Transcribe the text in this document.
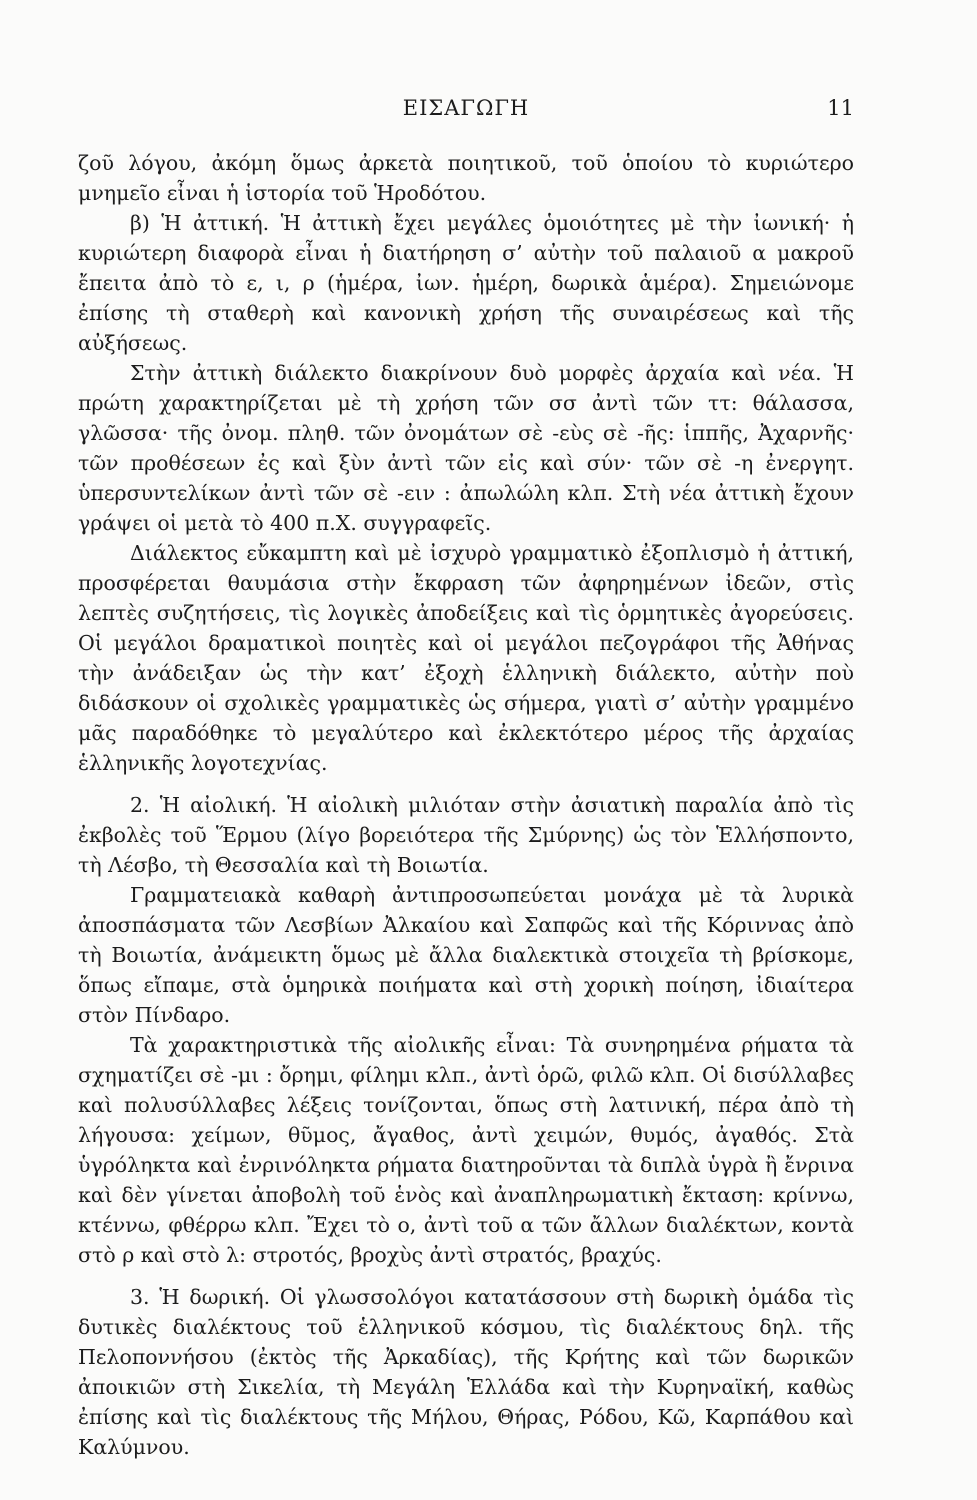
ΕΙΣΑΓΩΓΗ	11

ζοῦ λόγου, ἀκόμη ὅμως ἀρκετὰ ποιητικοῦ, τοῦ ὁποίου τὸ κυριώτερο μνημεῖο εἶναι ἡ ἱστορία τοῦ Ἡροδότου.

β) Ἡ ἀττική. Ἡ ἀττικὴ ἔχει μεγάλες ὁμοιότητες μὲ τὴν ἰωνική· ἡ κυριώτερη διαφορὰ εἶναι ἡ διατήρηση σ’ αὐτὴν τοῦ παλαιοῦ α μακροῦ ἔπειτα ἀπὸ τὸ ε, ι, ρ (ἡμέρα, ἰων. ἡμέρη, δωρικὰ ἁμέρα). Σημειώνομε ἐπίσης τὴ σταθερὴ καὶ κανονικὴ χρήση τῆς συναιρέσεως καὶ τῆς αὐξήσεως.

Στὴν ἀττικὴ διάλεκτο διακρίνουν δυὸ μορφὲς ἀρχαία καὶ νέα. Ἡ πρώτη χαρακτηρίζεται μὲ τὴ χρήση τῶν σσ ἀντὶ τῶν ττ: θάλασσα, γλῶσσα· τῆς ὀνομ. πληθ. τῶν ὀνομάτων σὲ -εὺς σὲ -ῆς: ἱππῆς, Ἀχαρνῆς· τῶν προθέσεων ἐς καὶ ξὺν ἀντὶ τῶν εἰς καὶ σύν· τῶν σὲ -η ἐνεργητ. ὑπερσυντελίκων ἀντὶ τῶν σὲ -ειν : ἀπωλώλη κλπ. Στὴ νέα ἀττικὴ ἔχουν γράψει οἱ μετὰ τὸ 400 π.Χ. συγγραφεῖς.

Διάλεκτος εὔκαμπτη καὶ μὲ ἰσχυρὸ γραμματικὸ ἐξοπλισμὸ ἡ ἀττική, προσφέρεται θαυμάσια στὴν ἔκφραση τῶν ἀφηρημένων ἰδεῶν, στὶς λεπτὲς συζητήσεις, τὶς λογικὲς ἀποδείξεις καὶ τὶς ὁρμητικὲς ἀγορεύσεις. Οἱ μεγάλοι δραματικοὶ ποιητὲς καὶ οἱ μεγάλοι πεζογράφοι τῆς Ἀθήνας τὴν ἀνάδειξαν ὡς τὴν κατ’ ἐξοχὴ ἑλληνικὴ διάλεκτο, αὐτὴν ποὺ διδάσκουν οἱ σχολικὲς γραμματικὲς ὡς σήμερα, γιατὶ σ’ αὐτὴν γραμμένο μᾶς παραδόθηκε τὸ μεγαλύτερο καὶ ἐκλεκτότερο μέρος τῆς ἀρχαίας ἑλληνικῆς λογοτεχνίας.

2. Ἡ αἰολική. Ἡ αἰολικὴ μιλιόταν στὴν ἀσιατικὴ παραλία ἀπὸ τὶς ἐκβολὲς τοῦ Ἕρμου (λίγο βορειότερα τῆς Σμύρνης) ὡς τὸν Ἑλλήσποντο, τὴ Λέσβο, τὴ Θεσσαλία καὶ τὴ Βοιωτία.

Γραμματειακὰ καθαρὴ ἀντιπροσωπεύεται μονάχα μὲ τὰ λυρικὰ ἀποσπάσματα τῶν Λεσβίων Ἀλκαίου καὶ Σαπφῶς καὶ τῆς Κόριννας ἀπὸ τὴ Βοιωτία, ἀνάμεικτη ὅμως μὲ ἄλλα διαλεκτικὰ στοιχεῖα τὴ βρίσκομε, ὅπως εἴπαμε, στὰ ὁμηρικὰ ποιήματα καὶ στὴ χορικὴ ποίηση, ἰδιαίτερα στὸν Πίνδαρο.

Τὰ χαρακτηριστικὰ τῆς αἰολικῆς εἶναι: Τὰ συνηρημένα ρήματα τὰ σχηματίζει σὲ -μι : ὄρημι, φίλημι κλπ., ἀντὶ ὁρῶ, φιλῶ κλπ. Οἱ δισύλλαβες καὶ πολυσύλλαβες λέξεις τονίζονται, ὅπως στὴ λατινική, πέρα ἀπὸ τὴ λήγουσα: χείμων, θῦμος, ἄγαθος, ἀντὶ χειμών, θυμός, ἀγαθός. Στὰ ὑγρόληκτα καὶ ἐνρινόληκτα ρήματα διατηροῦνται τὰ διπλὰ ὑγρὰ ἢ ἔνρινα καὶ δὲν γίνεται ἀποβολὴ τοῦ ἑνὸς καὶ ἀναπληρωματικὴ ἔκταση: κρίννω, κτέννω, φθέρρω κλπ. Ἔχει τὸ ο, ἀντὶ τοῦ α τῶν ἄλλων διαλέκτων, κοντὰ στὸ ρ καὶ στὸ λ: στροτός, βροχὺς ἀντὶ στρατός, βραχύς.

3. Ἡ δωρική. Οἱ γλωσσολόγοι κατατάσσουν στὴ δωρικὴ ὁμάδα τὶς δυτικὲς διαλέκτους τοῦ ἑλληνικοῦ κόσμου, τὶς διαλέκτους δηλ. τῆς Πελοποννήσου (ἐκτὸς τῆς Ἀρκαδίας), τῆς Κρήτης καὶ τῶν δωρικῶν ἀποικιῶν στὴ Σικελία, τὴ Μεγάλη Ἑλλάδα καὶ τὴν Κυρηναϊκή, καθὼς ἐπίσης καὶ τὶς διαλέκτους τῆς Μήλου, Θήρας, Ρόδου, Κῶ, Καρπάθου καὶ Καλύμνου.
